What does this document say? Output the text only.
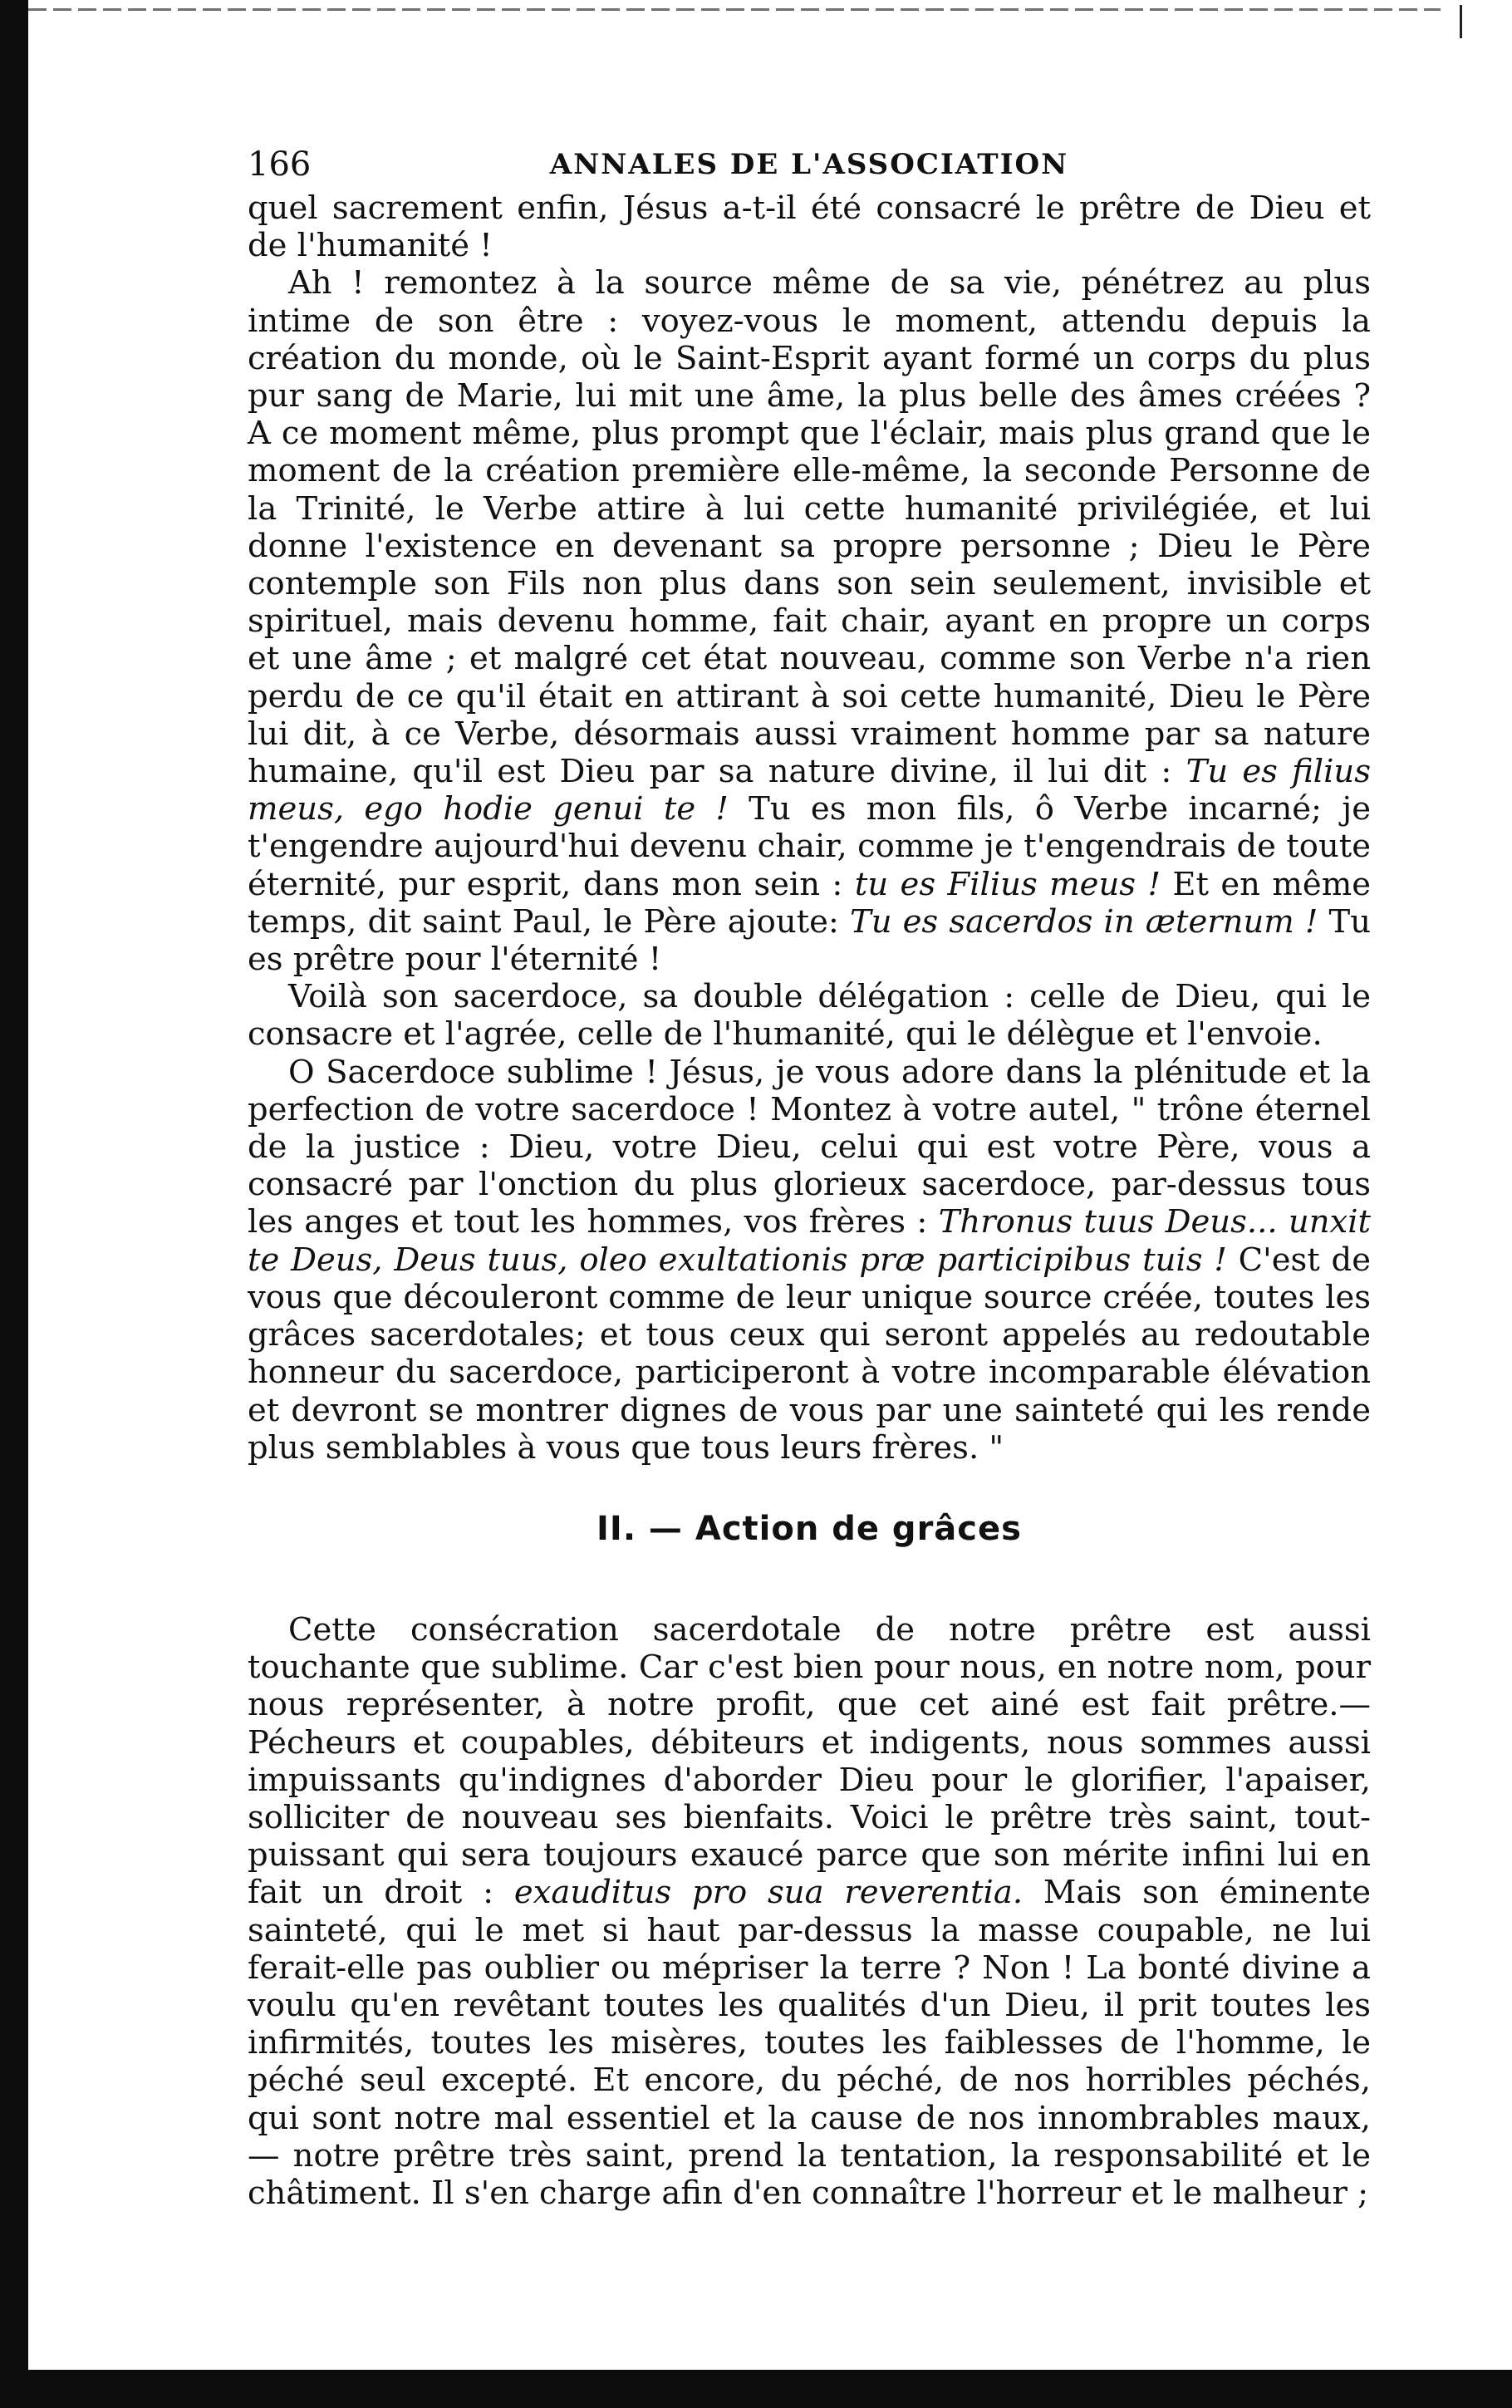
166	ANNALES DE L'ASSOCIATION

quel sacrement enfin, Jésus a-t-il été consacré le prêtre de Dieu et de l'humanité !

Ah ! remontez à la source même de sa vie, pénétrez au plus intime de son être : voyez-vous le moment, attendu depuis la création du monde, où le Saint-Esprit ayant formé un corps du plus pur sang de Marie, lui mit une âme, la plus belle des âmes créées ? A ce moment même, plus prompt que l'éclair, mais plus grand que le moment de la création première elle-même, la seconde Personne de la Trinité, le Verbe attire à lui cette humanité privilégiée, et lui donne l'existence en devenant sa propre personne ; Dieu le Père contemple son Fils non plus dans son sein seulement, invisible et spirituel, mais devenu homme, fait chair, ayant en propre un corps et une âme ; et malgré cet état nouveau, comme son Verbe n'a rien perdu de ce qu'il était en attirant à soi cette humanité, Dieu le Père lui dit, à ce Verbe, désormais aussi vraiment homme par sa nature humaine, qu'il est Dieu par sa nature divine, il lui dit : Tu es filius meus, ego hodie genui te ! Tu es mon fils, ô Verbe incarné; je t'engendre aujourd'hui devenu chair, comme je t'engendrais de toute éternité, pur esprit, dans mon sein : tu es Filius meus ! Et en même temps, dit saint Paul, le Père ajoute: Tu es sacerdos in æternum ! Tu es prêtre pour l'éternité !

Voilà son sacerdoce, sa double délégation : celle de Dieu, qui le consacre et l'agrée, celle de l'humanité, qui le délègue et l'envoie.

O Sacerdoce sublime ! Jésus, je vous adore dans la plénitude et la perfection de votre sacerdoce ! Montez à votre autel, " trône éternel de la justice : Dieu, votre Dieu, celui qui est votre Père, vous a consacré par l'onction du plus glorieux sacerdoce, par-dessus tous les anges et tout les hommes, vos frères : Thronus tuus Deus... unxit te Deus, Deus tuus, oleo exultationis præ participibus tuis ! C'est de vous que découleront comme de leur unique source créée, toutes les grâces sacerdotales; et tous ceux qui seront appelés au redoutable honneur du sacerdoce, participeront à votre incomparable élévation et devront se montrer dignes de vous par une sainteté qui les rende plus semblables à vous que tous leurs frères. "

II. — Action de grâces

Cette consécration sacerdotale de notre prêtre est aussi touchante que sublime. Car c'est bien pour nous, en notre nom, pour nous représenter, à notre profit, que cet ainé est fait prêtre.— Pécheurs et coupables, débiteurs et indigents, nous sommes aussi impuissants qu'indignes d'aborder Dieu pour le glorifier, l'apaiser, solliciter de nouveau ses bienfaits. Voici le prêtre très saint, tout-puissant qui sera toujours exaucé parce que son mérite infini lui en fait un droit : exauditus pro sua reverentia. Mais son éminente sainteté, qui le met si haut par-dessus la masse coupable, ne lui ferait-elle pas oublier ou mépriser la terre ? Non ! La bonté divine a voulu qu'en revêtant toutes les qualités d'un Dieu, il prit toutes les infirmités, toutes les misères, toutes les faiblesses de l'homme, le péché seul excepté. Et encore, du péché, de nos horribles péchés, qui sont notre mal essentiel et la cause de nos innombrables maux, — notre prêtre très saint, prend la tentation, la responsabilité et le châtiment. Il s'en charge afin d'en connaître l'horreur et le malheur ;
